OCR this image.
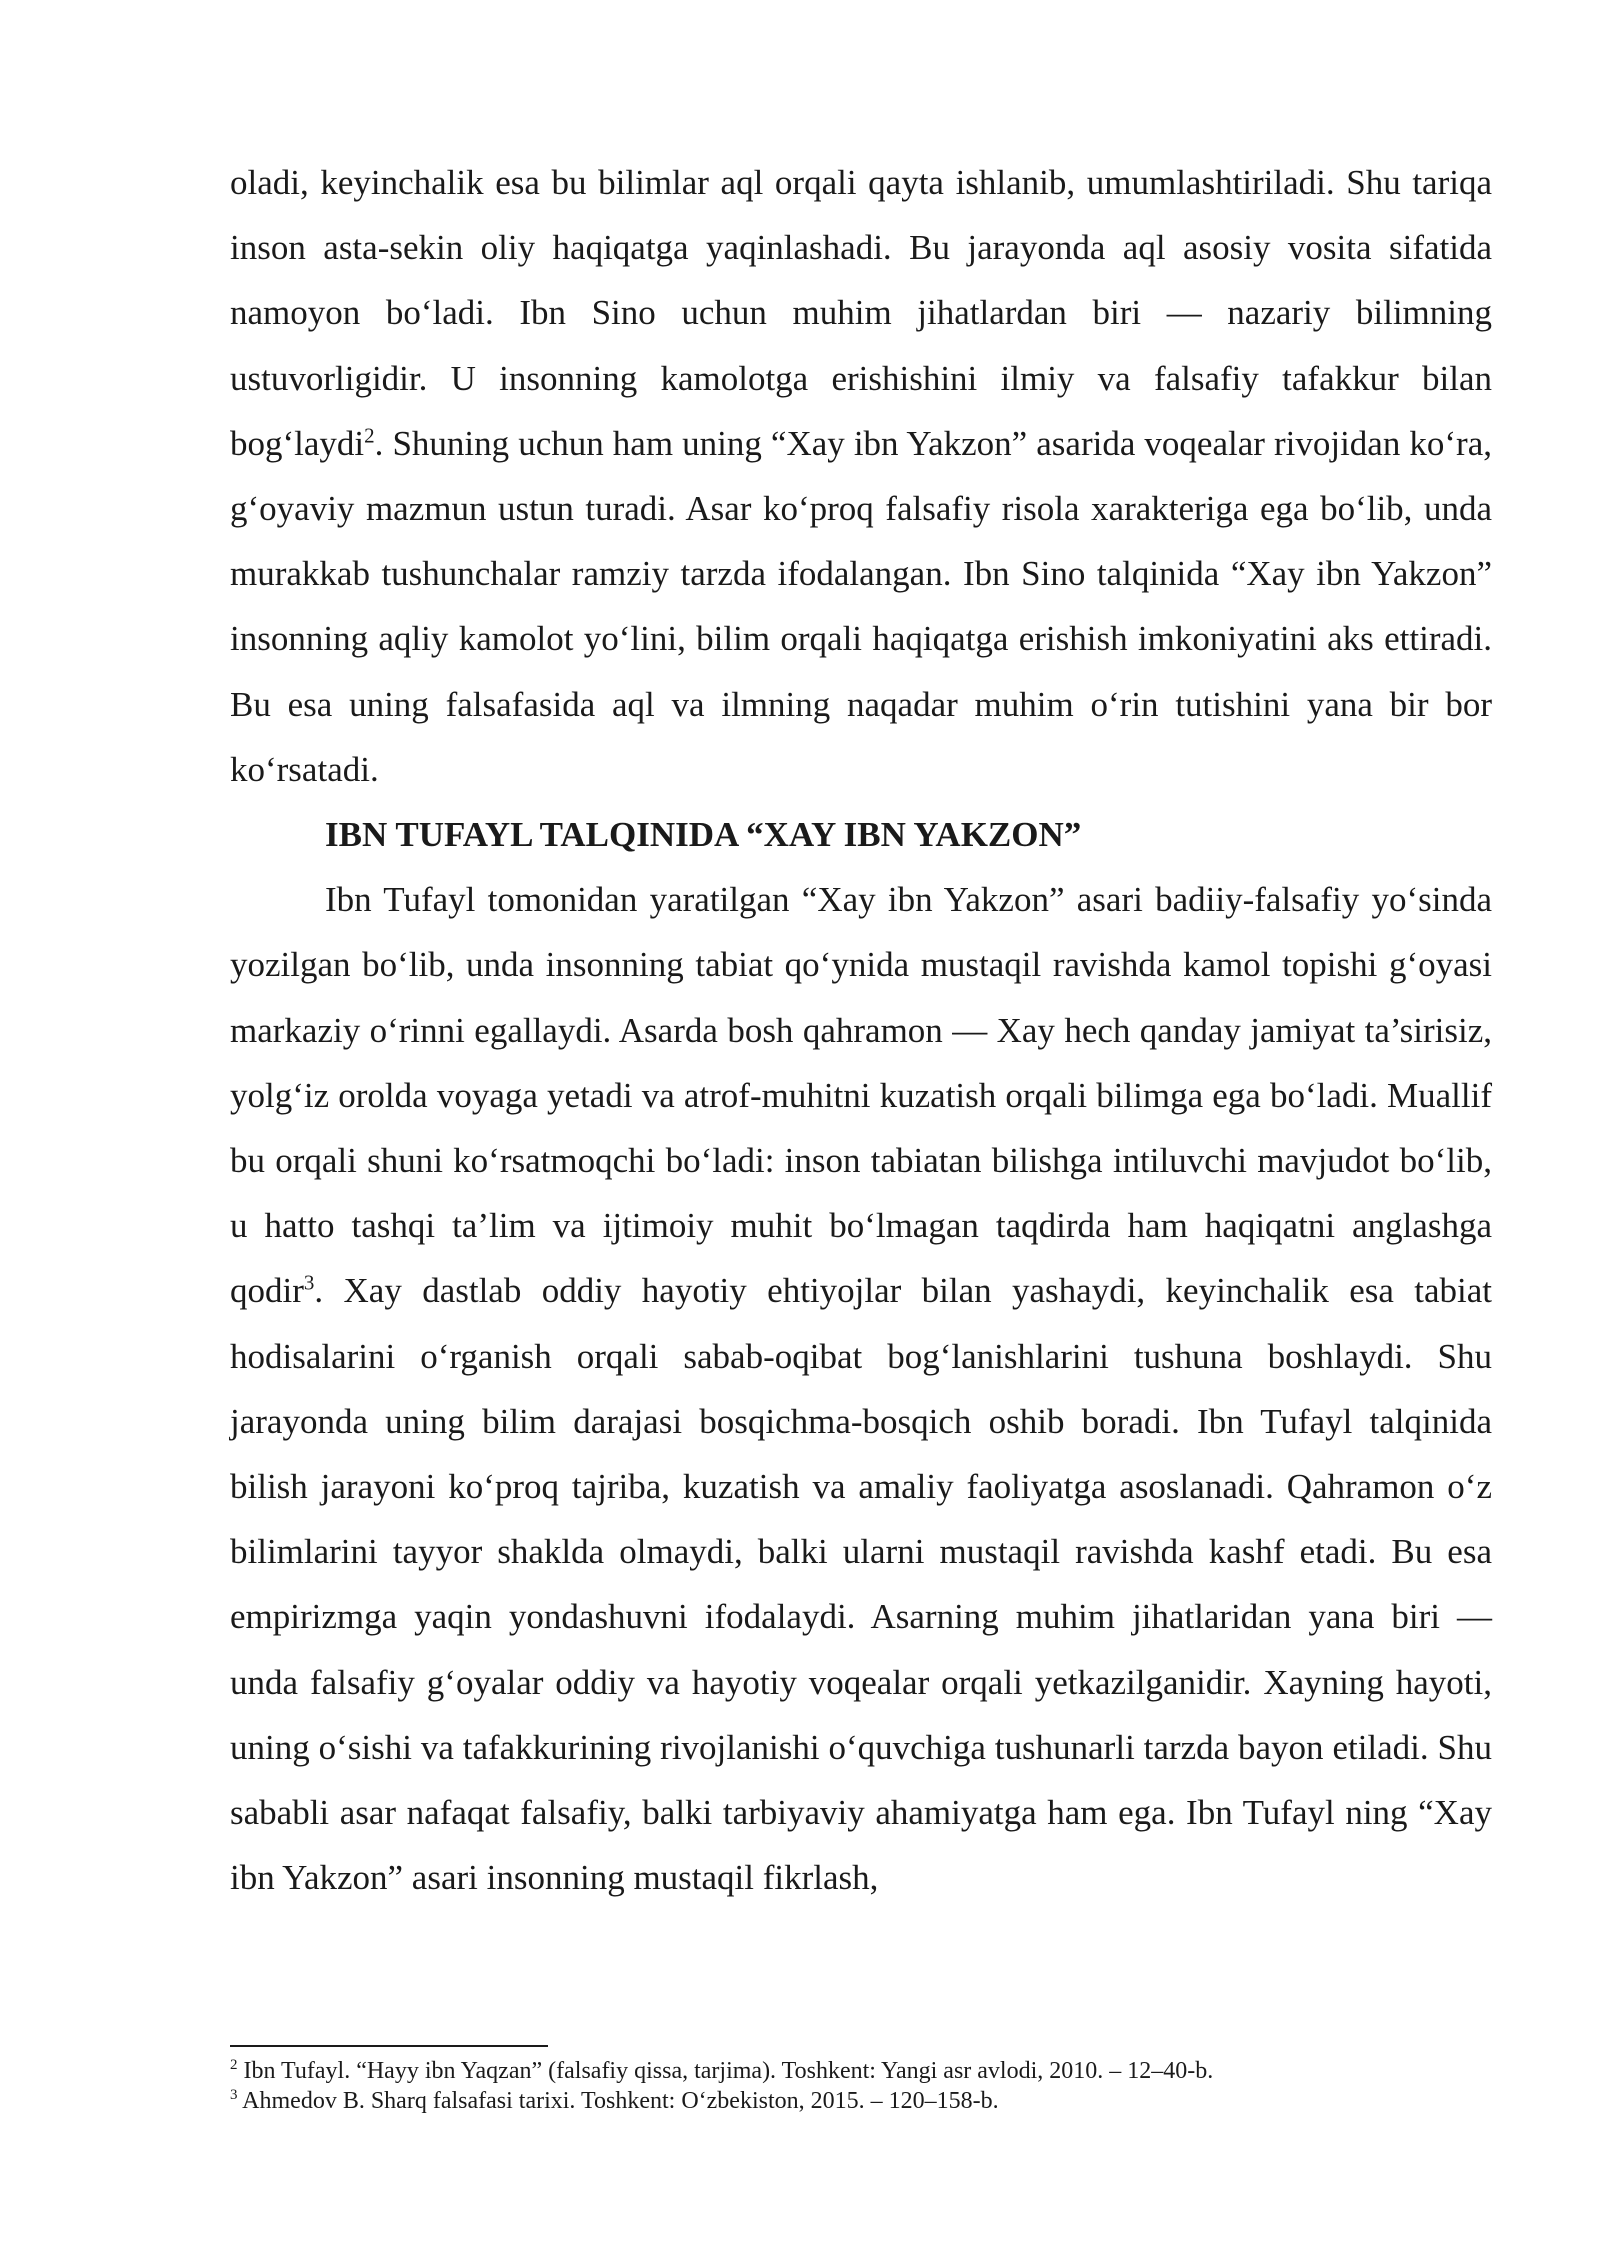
oladi, keyinchalik esa bu bilimlar aql orqali qayta ishlanib, umumlashtiriladi. Shu tariqa inson asta-sekin oliy haqiqatga yaqinlashadi. Bu jarayonda aql asosiy vosita sifatida namoyon bo‘ladi. Ibn Sino uchun muhim jihatlardan biri — nazariy bilimning ustuvorligidir. U insonning kamolotga erishishini ilmiy va falsafiy tafakkur bilan bog‘laydi$^2$. Shuning uchun ham uning “Xay ibn Yakzon” asarida voqealar rivojidan ko‘ra, g‘oyaviy mazmun ustun turadi. Asar ko‘proq falsafiy risola xarakteriga ega bo‘lib, unda murakkab tushunchalar ramziy tarzda ifodalangan. Ibn Sino talqinida “Xay ibn Yakzon” insonning aqliy kamolot yo‘lini, bilim orqali haqiqatga erishish imkoniyatini aks ettiradi. Bu esa uning falsafasida aql va ilmning naqadar muhim o‘rin tutishini yana bir bor ko‘rsatadi.

IBN TUFAYL TALQINIDA “XAY IBN YAKZON”

Ibn Tufayl tomonidan yaratilgan “Xay ibn Yakzon” asari badiiy-falsafiy yo‘sinda yozilgan bo‘lib, unda insonning tabiat qo‘ynida mustaqil ravishda kamol topishi g‘oyasi markaziy o‘rinni egallaydi. Asarda bosh qahramon — Xay hech qanday jamiyat ta’sirisiz, yolg‘iz orolda voyaga yetadi va atrof-muhitni kuzatish orqali bilimga ega bo‘ladi. Muallif bu orqali shuni ko‘rsatmoqchi bo‘ladi: inson tabiatan bilishga intiluvchi mavjudot bo‘lib, u hatto tashqi ta’lim va ijtimoiy muhit bo‘lmagan taqdirda ham haqiqatni anglashga qodir$^3$. Xay dastlab oddiy hayotiy ehtiyojlar bilan yashaydi, keyinchalik esa tabiat hodisalarini o‘rganish orqali sabab-oqibat bog‘lanishlarini tushuna boshlaydi. Shu jarayonda uning bilim darajasi bosqichma-bosqich oshib boradi. Ibn Tufayl talqinida bilish jarayoni ko‘proq tajriba, kuzatish va amaliy faoliyatga asoslanadi. Qahramon o‘z bilimlarini tayyor shaklda olmaydi, balki ularni mustaqil ravishda kashf etadi. Bu esa empirizmga yaqin yondashuvni ifodalaydi. Asarning muhim jihatlaridan yana biri — unda falsafiy g‘oyalar oddiy va hayotiy voqealar orqali yetkazilganidir. Xayning hayoti, uning o‘sishi va tafakkurining rivojlanishi o‘quvchiga tushunarli tarzda bayon etiladi. Shu sababli asar nafaqat falsafiy, balki tarbiyaviy ahamiyatga ham ega. Ibn Tufayl ning “Xay ibn Yakzon” asari insonning mustaqil fikrlash,

$^2$ Ibn Tufayl. “Hayy ibn Yaqzan” (falsafiy qissa, tarjima). Toshkent: Yangi asr avlodi, 2010. – 12–40-b.

$^3$ Ahmedov B. Sharq falsafasi tarixi. Toshkent: O‘zbekiston, 2015. – 120–158-b.
